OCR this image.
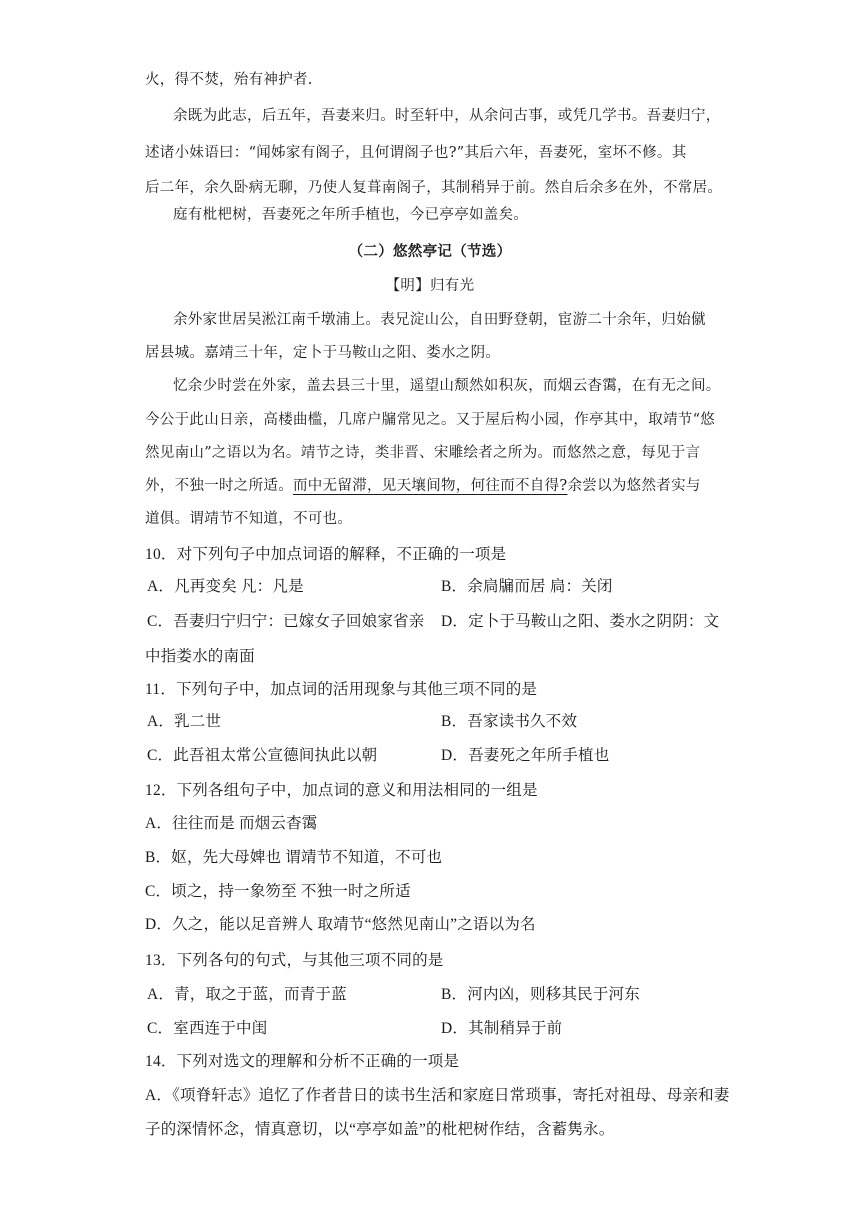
火，得不焚，殆有神护者.
余既为此志，后五年，吾妻来归。时至轩中，从余问古事，或凭几学书。吾妻归宁，
述诸小妹语曰：“闻姊家有阁子，且何谓阁子也?”其后六年，吾妻死，室坏不修。其
后二年，余久卧病无聊，乃使人复葺南阁子，其制稍异于前。然自后余多在外，不常居。
庭有枇杷树，吾妻死之年所手植也，今已亭亭如盖矣。
（二）悠然亭记（节选）
【明】归有光
余外家世居吴淞江南千墩浦上。表兄淀山公，自田野登朝，宦游二十余年，归始僦
居县城。嘉靖三十年，定卜于马鞍山之阳、娄水之阴。
忆余少时尝在外家，盖去县三十里，遥望山颓然如积灰，而烟云杳霭，在有无之间。
今公于此山日亲，高楼曲槛，几席户牖常见之。又于屋后构小园，作亭其中，取靖节“悠
然见南山”之语以为名。靖节之诗，类非晋、宋雕绘者之所为。而悠然之意，每见于言
外，不独一时之所适。而中无留滞，见天壤间物，何往而不自得?余尝以为悠然者实与
道俱。谓靖节不知道，不可也。
10．对下列句子中加点词语的解释，不正确的一项是
A．凡再变矣 凡：凡是	B．余扃牖而居 扃：关闭
C．吾妻归宁归宁：已嫁女子回娘家省亲 D．定卜于马鞍山之阳、娄水之阴阴：文
中指娄水的南面
11．下列句子中，加点词的活用现象与其他三项不同的是
A．乳二世	B．吾家读书久不效
C．此吾祖太常公宣德间执此以朝	D．吾妻死之年所手植也
12．下列各组句子中，加点词的意义和用法相同的一组是
A．往往而是 而烟云杳霭
B．妪，先大母婢也 谓靖节不知道，不可也
C．顷之，持一象笏至 不独一时之所适
D．久之，能以足音辨人 取靖节“悠然见南山”之语以为名
13．下列各句的句式，与其他三项不同的是
A．青，取之于蓝，而青于蓝	B．河内凶，则移其民于河东
C．室西连于中闺	D．其制稍异于前
14．下列对选文的理解和分析不正确的一项是
A．《项脊轩志》追忆了作者昔日的读书生活和家庭日常琐事，寄托对祖母、母亲和妻
子的深情怀念，情真意切，以“亭亭如盖”的枇杷树作结，含蓄隽永。
